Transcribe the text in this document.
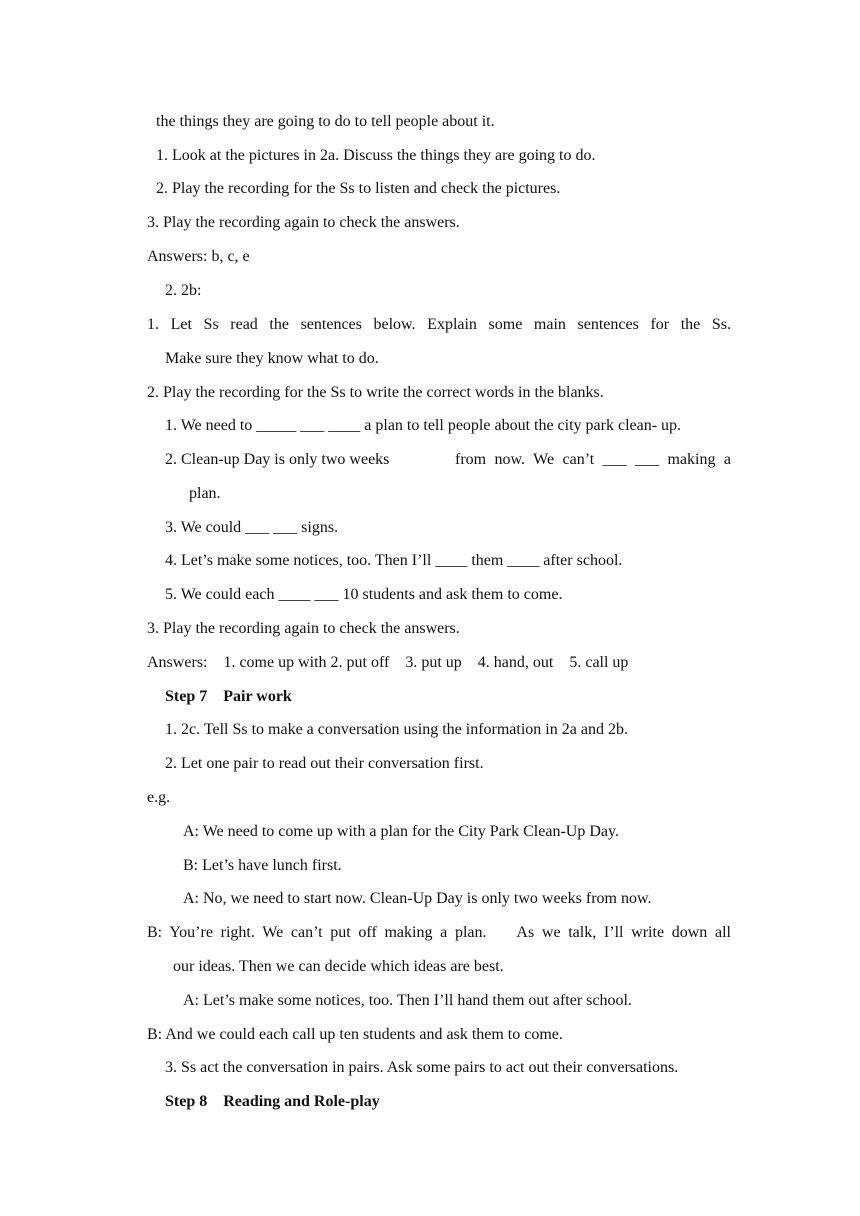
the things they are going to do to tell people about it.
1. Look at the pictures in 2a. Discuss the things they are going to do.
2. Play the recording for the Ss to listen and check the pictures.
3. Play the recording again to check the answers.
Answers: b, c, e
2. 2b:
1. Let Ss read the sentences below. Explain some main sentences for the Ss.
Make sure they know what to do.
2. Play the recording for the Ss to write the correct words in the blanks.
1. We need to _____ ___ ____ a plan to tell people about the city park clean- up.
2. Clean-up Day is only two weeks	from now. We can’t ___ ___ making a
plan.
3. We could ___ ___ signs.
4. Let’s make some notices, too. Then I’ll ____ them ____ after school.
5. We could each ____ ___ 10 students and ask them to come.
3. Play the recording again to check the answers.
Answers:    1. come up with 2. put off    3. put up    4. hand, out    5. call up
Step 7    Pair work
1. 2c. Tell Ss to make a conversation using the information in 2a and 2b.
2. Let one pair to read out their conversation first.
e.g.
A: We need to come up with a plan for the City Park Clean-Up Day.
B: Let’s have lunch first.
A: No, we need to start now. Clean-Up Day is only two weeks from now.
B: You’re right. We can’t put off making a plan.    As we talk, I’ll write down all
our ideas. Then we can decide which ideas are best.
A: Let’s make some notices, too. Then I’ll hand them out after school.
B: And we could each call up ten students and ask them to come.
3. Ss act the conversation in pairs. Ask some pairs to act out their conversations.
Step 8    Reading and Role-play
